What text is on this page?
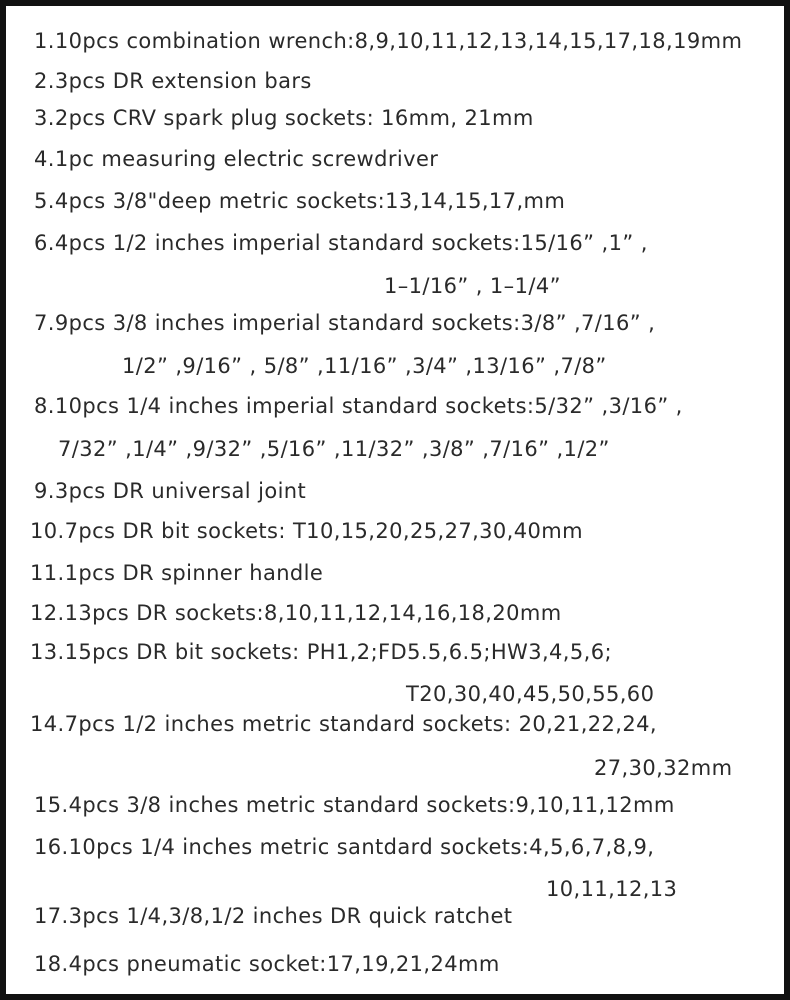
1.10pcs combination wrench:8,9,10,11,12,13,14,15,17,18,19mm
2.3pcs DR extension bars
3.2pcs CRV spark plug sockets: 16mm, 21mm
4.1pc measuring electric screwdriver
5.4pcs 3/8"deep metric sockets:13,14,15,17,mm
6.4pcs 1/2 inches imperial standard sockets:15/16” ,1” ,
1–1/16” , 1–1/4”
7.9pcs 3/8 inches imperial standard sockets:3/8” ,7/16” ,
1/2” ,9/16” , 5/8” ,11/16” ,3/4” ,13/16” ,7/8”
8.10pcs 1/4 inches imperial standard sockets:5/32” ,3/16” ,
7/32” ,1/4” ,9/32” ,5/16” ,11/32” ,3/8” ,7/16” ,1/2”
9.3pcs DR universal joint
10.7pcs DR bit sockets: T10,15,20,25,27,30,40mm
11.1pcs DR spinner handle
12.13pcs DR sockets:8,10,11,12,14,16,18,20mm
13.15pcs DR bit sockets: PH1,2;FD5.5,6.5;HW3,4,5,6;
T20,30,40,45,50,55,60
14.7pcs 1/2 inches metric standard sockets: 20,21,22,24,
27,30,32mm
15.4pcs 3/8 inches metric standard sockets:9,10,11,12mm
16.10pcs 1/4 inches metric santdard sockets:4,5,6,7,8,9,
10,11,12,13
17.3pcs 1/4,3/8,1/2 inches DR quick ratchet
18.4pcs pneumatic socket:17,19,21,24mm
